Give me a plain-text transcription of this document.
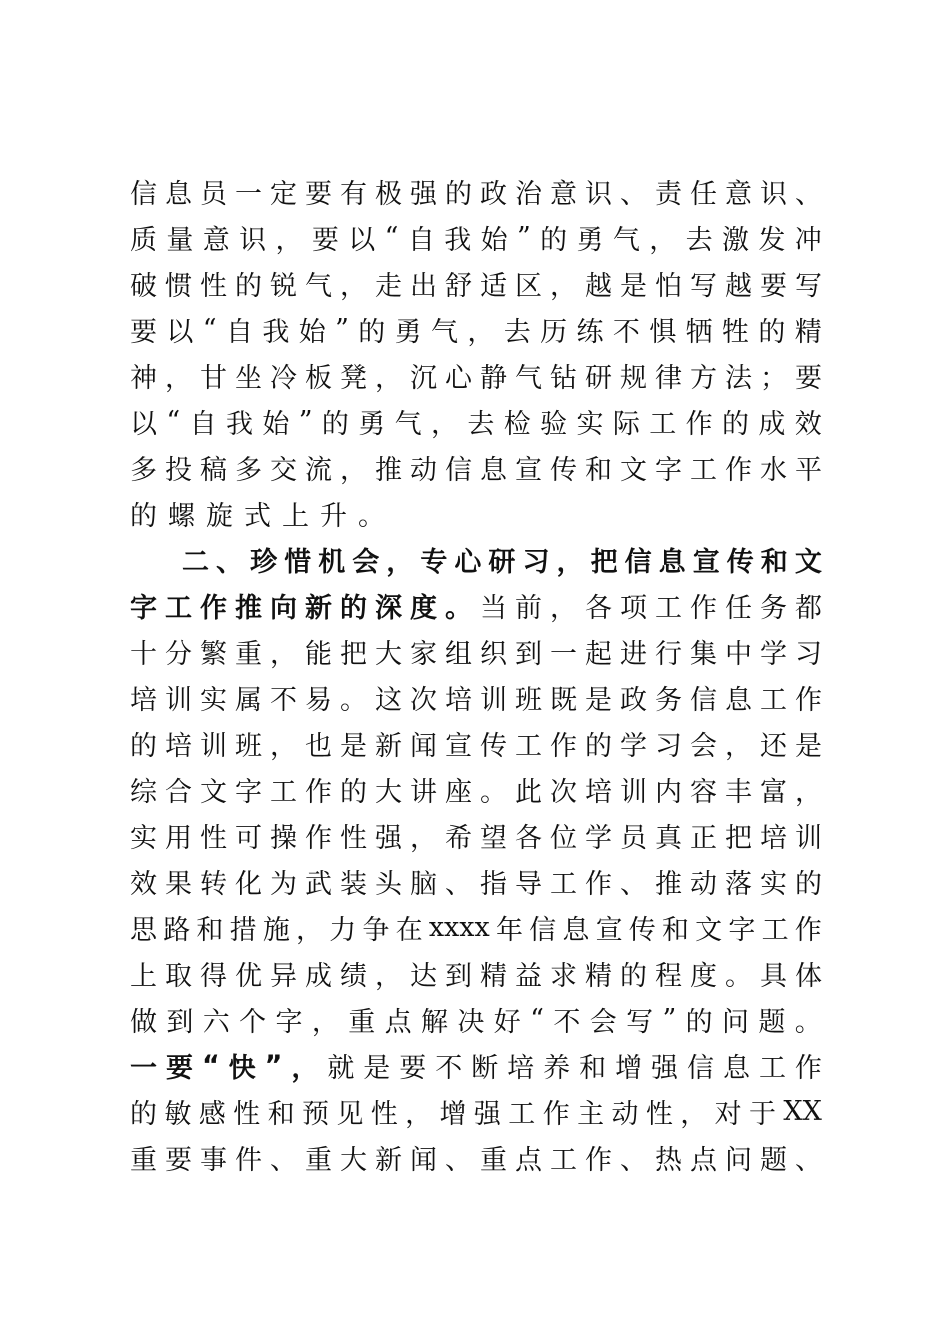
信 息 员 一 定 要 有 极 强 的 政 治 意 识 、 责 任 意 识 、
质 量 意 识 ， 要 以 “ 自 我 始 ” 的 勇 气 ， 去 激 发 冲
破 惯 性 的 锐 气 ， 走 出 舒 适 区 ， 越 是 怕 写 越 要 写
要 以 “ 自 我 始 ” 的 勇 气 ， 去 历 练 不 惧 牺 牲 的 精
神 ， 甘 坐 冷 板 凳 ， 沉 心 静 气 钻 研 规 律 方 法 ； 要
以 “ 自 我 始 ” 的 勇 气 ， 去 检 验 实 际 工 作 的 成 效
多 投 稿 多 交 流 ， 推 动 信 息 宣 传 和 文 字 工 作 水 平
的 螺 旋 式 上 升 。
二 、 珍 惜 机 会 ， 专 心 研 习 ， 把 信 息 宣 传 和 文
字 工 作 推 向 新 的 深 度 。 当 前 ， 各 项 工 作 任 务 都
十 分 繁 重 ， 能 把 大 家 组 织 到 一 起 进 行 集 中 学 习
培 训 实 属 不 易 。 这 次 培 训 班 既 是 政 务 信 息 工 作
的 培 训 班 ， 也 是 新 闻 宣 传 工 作 的 学 习 会 ， 还 是
综 合 文 字 工 作 的 大 讲 座 。 此 次 培 训 内 容 丰 富 ，
实 用 性 可 操 作 性 强 ， 希 望 各 位 学 员 真 正 把 培 训
效 果 转 化 为 武 装 头 脑 、 指 导 工 作 、 推 动 落 实 的
思 路 和 措 施 ， 力 争 在 xxxx 年 信 息 宣 传 和 文 字 工 作
上 取 得 优 异 成 绩 ， 达 到 精 益 求 精 的 程 度 。 具 体
做 到 六 个 字 ， 重 点 解 决 好 “ 不 会 写 ” 的 问 题 。
一 要 “ 快 ” ， 就 是 要 不 断 培 养 和 增 强 信 息 工 作
的 敏 感 性 和 预 见 性 ， 增 强 工 作 主 动 性 ， 对 于 XX
重 要 事 件 、 重 大 新 闻 、 重 点 工 作 、 热 点 问 题 、
